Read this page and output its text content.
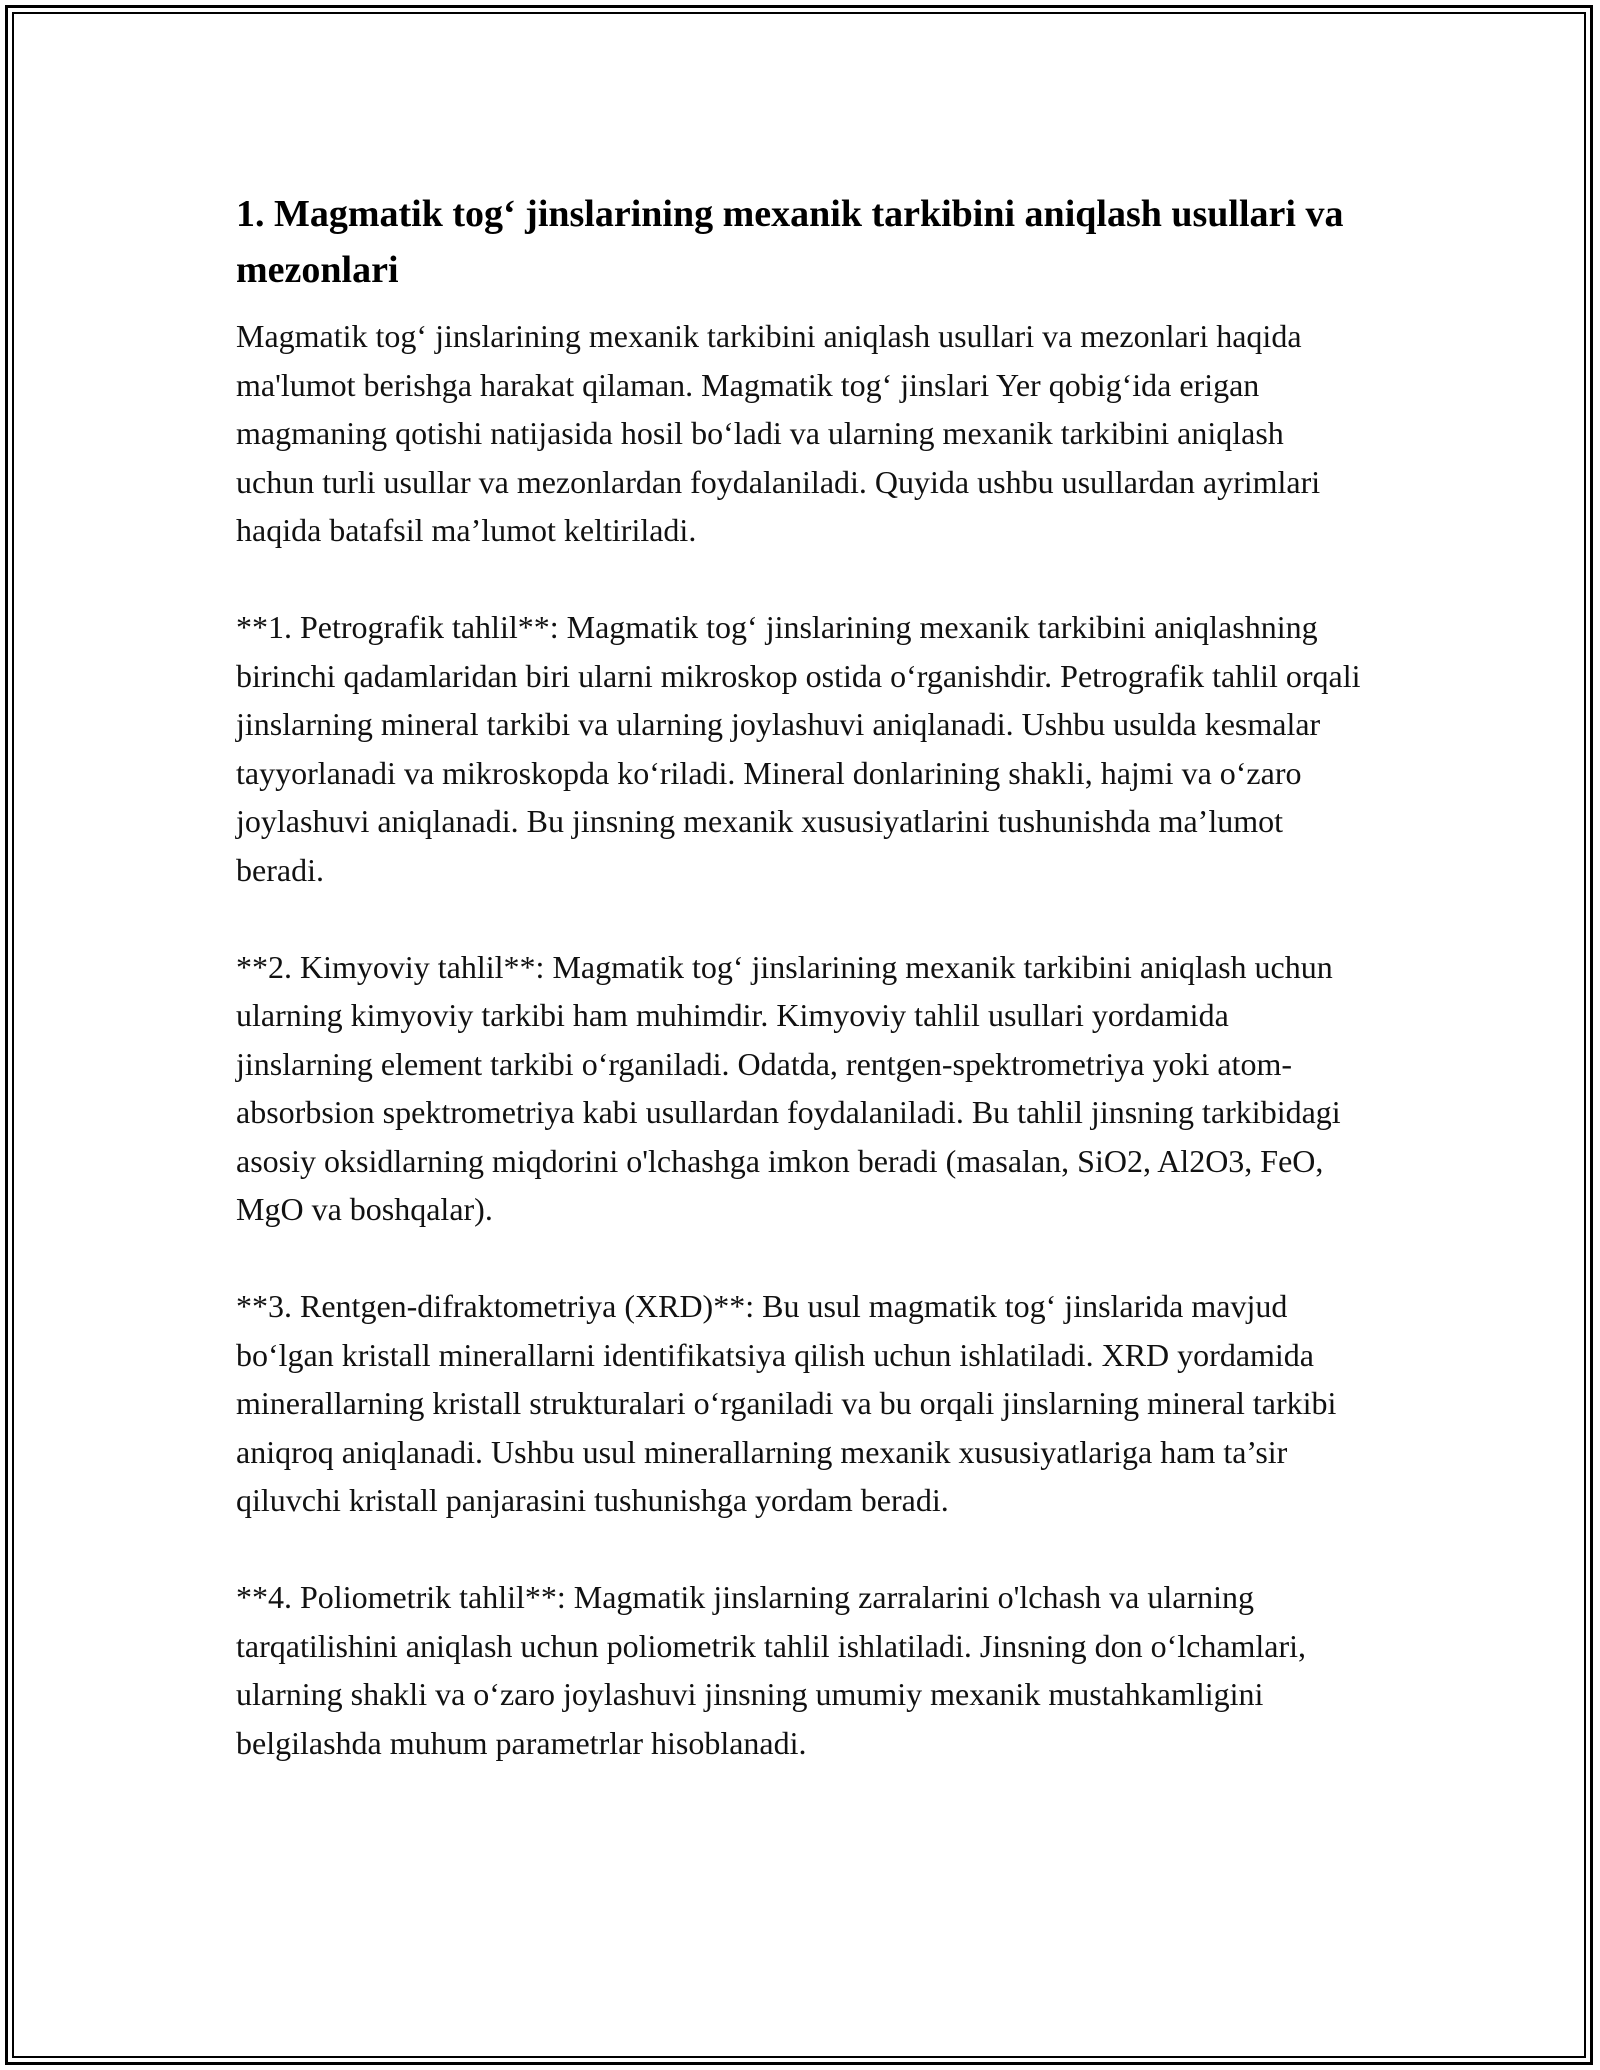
1. Magmatik tog‘ jinslarining mexanik tarkibini aniqlash usullari va mezonlari

Magmatik tog‘ jinslarining mexanik tarkibini aniqlash usullari va mezonlari haqida ma'lumot berishga harakat qilaman. Magmatik tog‘ jinslari Yer qobig‘ida erigan magmaning qotishi natijasida hosil bo‘ladi va ularning mexanik tarkibini aniqlash uchun turli usullar va mezonlardan foydalaniladi. Quyida ushbu usullardan ayrimlari haqida batafsil ma’lumot keltiriladi.

**1. Petrografik tahlil**: Magmatik tog‘ jinslarining mexanik tarkibini aniqlashning birinchi qadamlaridan biri ularni mikroskop ostida o‘rganishdir. Petrografik tahlil orqali jinslarning mineral tarkibi va ularning joylashuvi aniqlanadi. Ushbu usulda kesmalar tayyorlanadi va mikroskopda ko‘riladi. Mineral donlarining shakli, hajmi va o‘zaro joylashuvi aniqlanadi. Bu jinsning mexanik xususiyatlarini tushunishda ma’lumot beradi.

**2. Kimyoviy tahlil**: Magmatik tog‘ jinslarining mexanik tarkibini aniqlash uchun ularning kimyoviy tarkibi ham muhimdir. Kimyoviy tahlil usullari yordamida jinslarning element tarkibi o‘rganiladi. Odatda, rentgen-spektrometriya yoki atom-absorbsion spektrometriya kabi usullardan foydalaniladi. Bu tahlil jinsning tarkibidagi asosiy oksidlarning miqdorini o'lchashga imkon beradi (masalan, SiO2, Al2O3, FeO, MgO va boshqalar).

**3. Rentgen-difraktometriya (XRD)**: Bu usul magmatik tog‘ jinslarida mavjud bo‘lgan kristall minerallarni identifikatsiya qilish uchun ishlatiladi. XRD yordamida minerallarning kristall strukturalari o‘rganiladi va bu orqali jinslarning mineral tarkibi aniqroq aniqlanadi. Ushbu usul minerallarning mexanik xususiyatlariga ham ta’sir qiluvchi kristall panjarasini tushunishga yordam beradi.

**4. Poliometrik tahlil**: Magmatik jinslarning zarralarini o'lchash va ularning tarqatilishini aniqlash uchun poliometrik tahlil ishlatiladi. Jinsning don o‘lchamlari, ularning shakli va o‘zaro joylashuvi jinsning umumiy mexanik mustahkamligini belgilashda muhum parametrlar hisoblanadi.
